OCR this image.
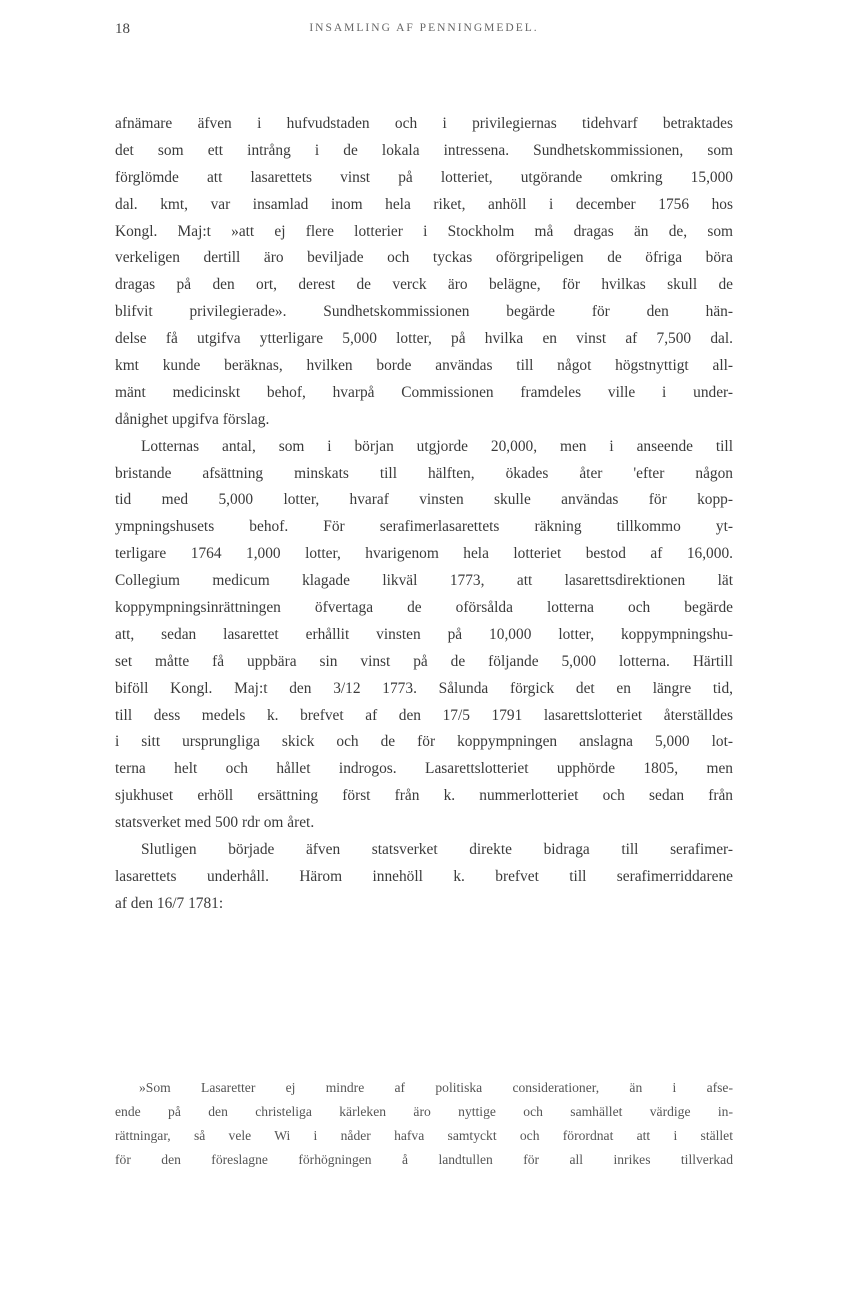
18	INSAMLING AF PENNINGMEDEL.
afnämare äfven i hufvudstaden och i privilegiernas tidehvarf betraktades
det som ett intrång i de lokala intressena. Sundhetskommissionen, som
förglömde att lasarettets vinst på lotteriet, utgörande omkring 15,000
dal. kmt, var insamlad inom hela riket, anhöll i december 1756 hos
Kongl. Maj:t »att ej flere lotterier i Stockholm må dragas än de, som
verkeligen dertill äro beviljade och tyckas oförgripeligen de öfriga böra
dragas på den ort, derest de verck äro belägne, för hvilkas skull de
blifvit privilegierade». Sundhetskommissionen begärde för den hän-
delse få utgifva ytterligare 5,000 lotter, på hvilka en vinst af 7,500 dal.
kmt kunde beräknas, hvilken borde användas till något högstnyttigt all-
mänt medicinskt behof, hvarpå Commissionen framdeles ville i under-
dånighet upgifva förslag.
Lotternas antal, som i början utgjorde 20,000, men i anseende till
bristande afsättning minskats till hälften, ökades åter 'efter någon
tid med 5,000 lotter, hvaraf vinsten skulle användas för kopp-
ympningshusets behof. För serafimerlasarettets räkning tillkommo yt-
terligare 1764 1,000 lotter, hvarigenom hela lotteriet bestod af 16,000.
Collegium medicum klagade likväl 1773, att lasarettsdirektionen lät
koppympningsinrättningen öfvertaga de oförsålda lotterna och begärde
att, sedan lasarettet erhållit vinsten på 10,000 lotter, koppympningshu-
set måtte få uppbära sin vinst på de följande 5,000 lotterna. Härtill
biföll Kongl. Maj:t den 3/12 1773. Sålunda förgick det en längre tid,
till dess medels k. brefvet af den 17/5 1791 lasarettslotteriet återställdes
i sitt ursprungliga skick och de för koppympningen anslagna 5,000 lot-
terna helt och hållet indrogos. Lasarettslotteriet upphörde 1805, men
sjukhuset erhöll ersättning först från k. nummerlotteriet och sedan från
statsverket med 500 rdr om året.
Slutligen började äfven statsverket direkte bidraga till serafimer-
lasarettets underhåll. Härom innehöll k. brefvet till serafimerriddarene
af den 16/7 1781:
»Som Lasaretter ej mindre af politiska considerationer, än i afse-
ende på den christeliga kärleken äro nyttige och samhället värdige in-
rättningar, så vele Wi i nåder hafva samtyckt och förordnat att i stället
för den föreslagne förhögningen å landtullen för all inrikes tillverkad
